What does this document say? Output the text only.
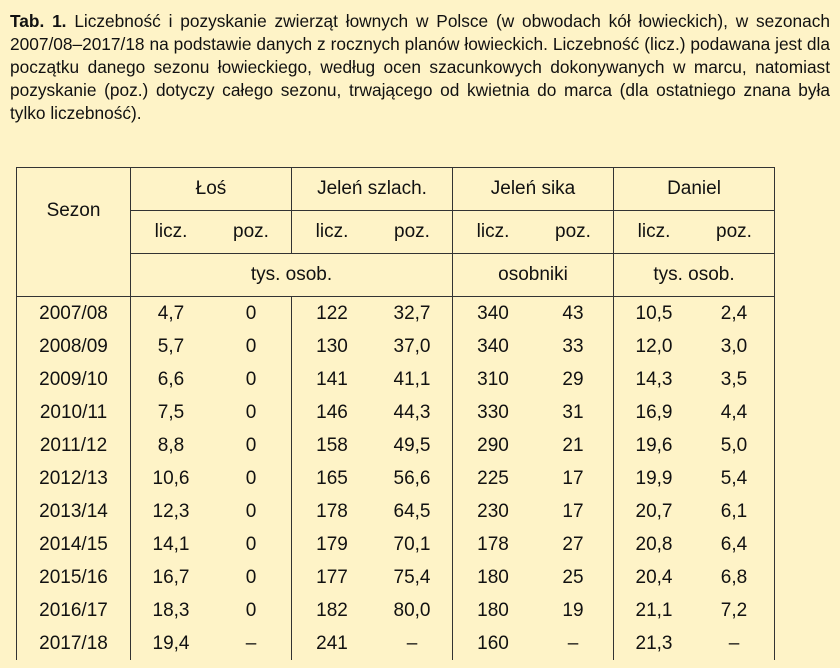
Tab. 1. Liczebność i pozyskanie zwierząt łownych w Polsce (w obwodach kół łowieckich), w sezonach 2007/08–2017/18 na podstawie danych z rocznych planów łowieckich. Liczebność (licz.) podawana jest dla początku danego sezonu łowieckiego, według ocen szacunkowych dokonywanych w marcu, natomiast pozyskanie (poz.) dotyczy całego sezonu, trwającego od kwietnia do marca (dla ostatniego znana była tylko liczebność).
Sezon	Łoś		Jeleń szlach.		Jeleń sika		Daniel	
	licz.	poz.	licz.	poz.	licz.	poz.	licz.	poz.
	tys. osob.				osobniki		tys. osob.	
2007/08	4,7	0	122	32,7	340	43	10,5	2,4
2008/09	5,7	0	130	37,0	340	33	12,0	3,0
2009/10	6,6	0	141	41,1	310	29	14,3	3,5
2010/11	7,5	0	146	44,3	330	31	16,9	4,4
2011/12	8,8	0	158	49,5	290	21	19,6	5,0
2012/13	10,6	0	165	56,6	225	17	19,9	5,4
2013/14	12,3	0	178	64,5	230	17	20,7	6,1
2014/15	14,1	0	179	70,1	178	27	20,8	6,4
2015/16	16,7	0	177	75,4	180	25	20,4	6,8
2016/17	18,3	0	182	80,0	180	19	21,1	7,2
2017/18	19,4	–	241	–	160	–	21,3	–
